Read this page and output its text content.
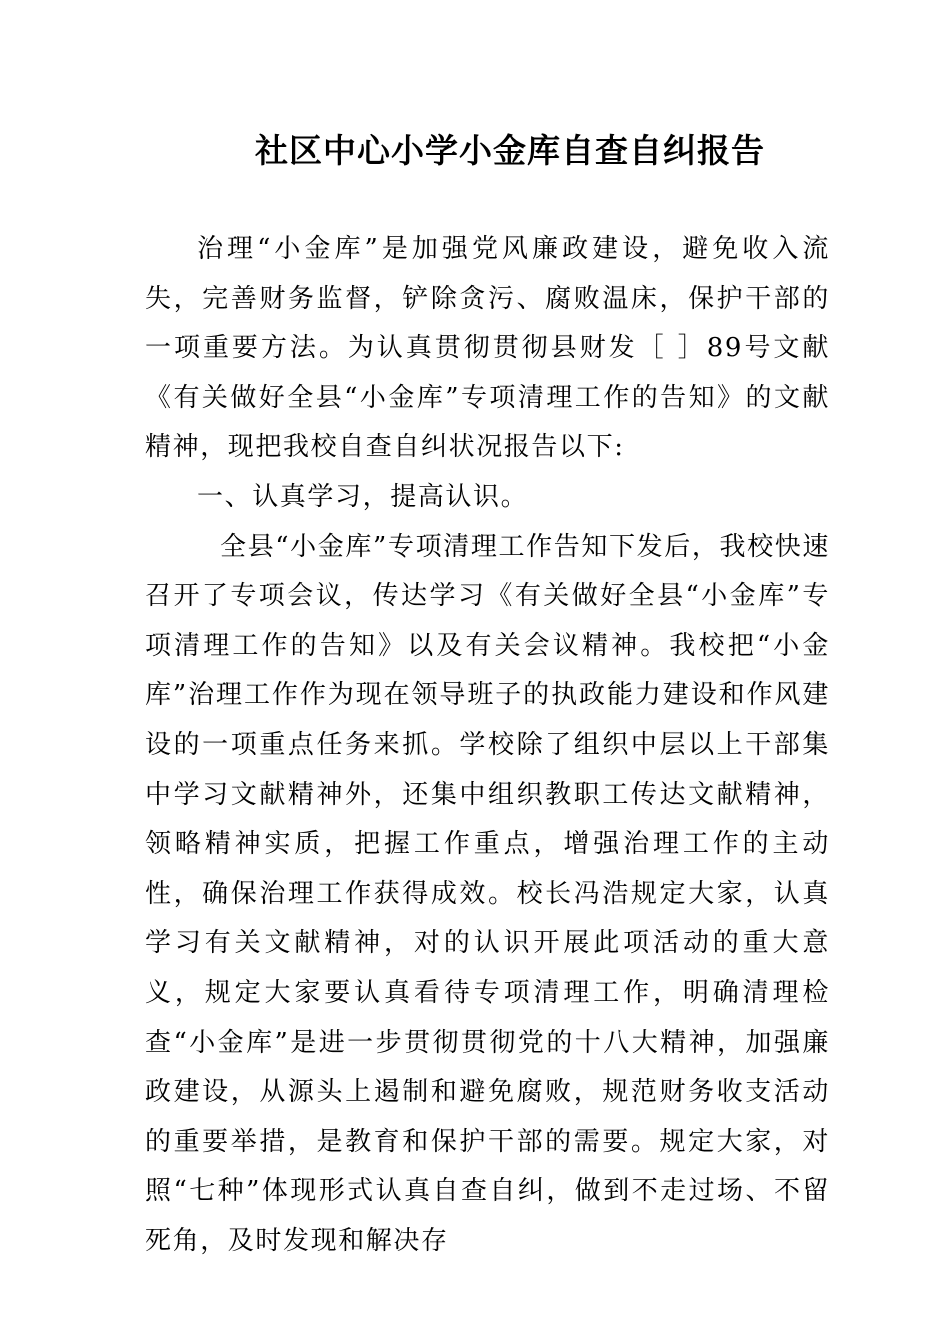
社区中心小学小金库自查自纠报告

治理“小金库”是加强党风廉政建设，避免收入流失，完善财务监督，铲除贪污、腐败温床，保护干部的一项重要方法。为认真贯彻贯彻县财发［ ］89号文献《有关做好全县“小金库”专项清理工作的告知》的文献精神，现把我校自查自纠状况报告以下:

一、认真学习，提高认识。

全县“小金库”专项清理工作告知下发后，我校快速召开了专项会议，传达学习《有关做好全县“小金库”专项清理工作的告知》以及有关会议精神。我校把“小金库”治理工作作为现在领导班子的执政能力建设和作风建设的一项重点任务来抓。学校除了组织中层以上干部集中学习文献精神外，还集中组织教职工传达文献精神，领略精神实质，把握工作重点，增强治理工作的主动性，确保治理工作获得成效。校长冯浩规定大家，认真学习有关文献精神，对的认识开展此项活动的重大意义，规定大家要认真看待专项清理工作，明确清理检查“小金库”是进一步贯彻贯彻党的十八大精神，加强廉政建设，从源头上遏制和避免腐败，规范财务收支活动的重要举措，是教育和保护干部的需要。规定大家，对照“七种”体现形式认真自查自纠，做到不走过场、不留死角，及时发现和解决存
